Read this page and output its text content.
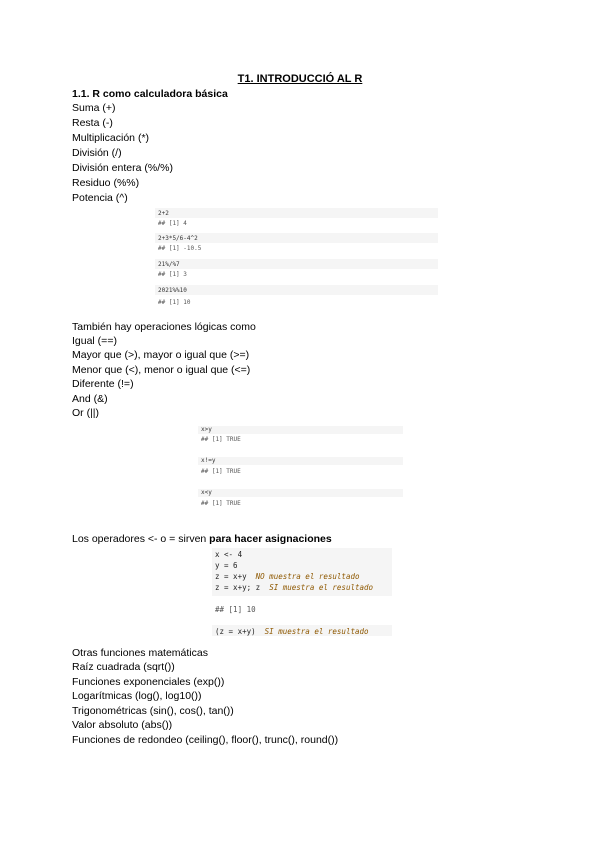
T1. INTRODUCCIÓ AL R
1.1. R como calculadora básica
Suma (+)
Resta (-)
Multiplicación (*)
División (/)
División entera (%/%)
Residuo (%%)
Potencia (^)
2+2
## [1] 4
2+3*5/6-4^2
## [1] -10.5
21%/%7
## [1] 3
2021%%10
## [1] 10
También hay operaciones lógicas como
Igual (==)
Mayor que (>), mayor o igual que (>=)
Menor que (<), menor o igual que (<=)
Diferente (!=)
And (&)
Or (||)
x>y
## [1] TRUE
x!=y
## [1] TRUE
x<y
## [1] TRUE
Los operadores <- o = sirven para hacer asignaciones
x <- 4
y = 6
z = x+y NO muestra el resultado
z = x+y; z SI muestra el resultado
## [1] 10
(z = x+y) SI muestra el resultado
Otras funciones matemáticas
Raíz cuadrada (sqrt())
Funciones exponenciales (exp())
Logarítmicas (log(), log10())
Trigonométricas (sin(), cos(), tan())
Valor absoluto (abs())
Funciones de redondeo (ceiling(), floor(), trunc(), round())
